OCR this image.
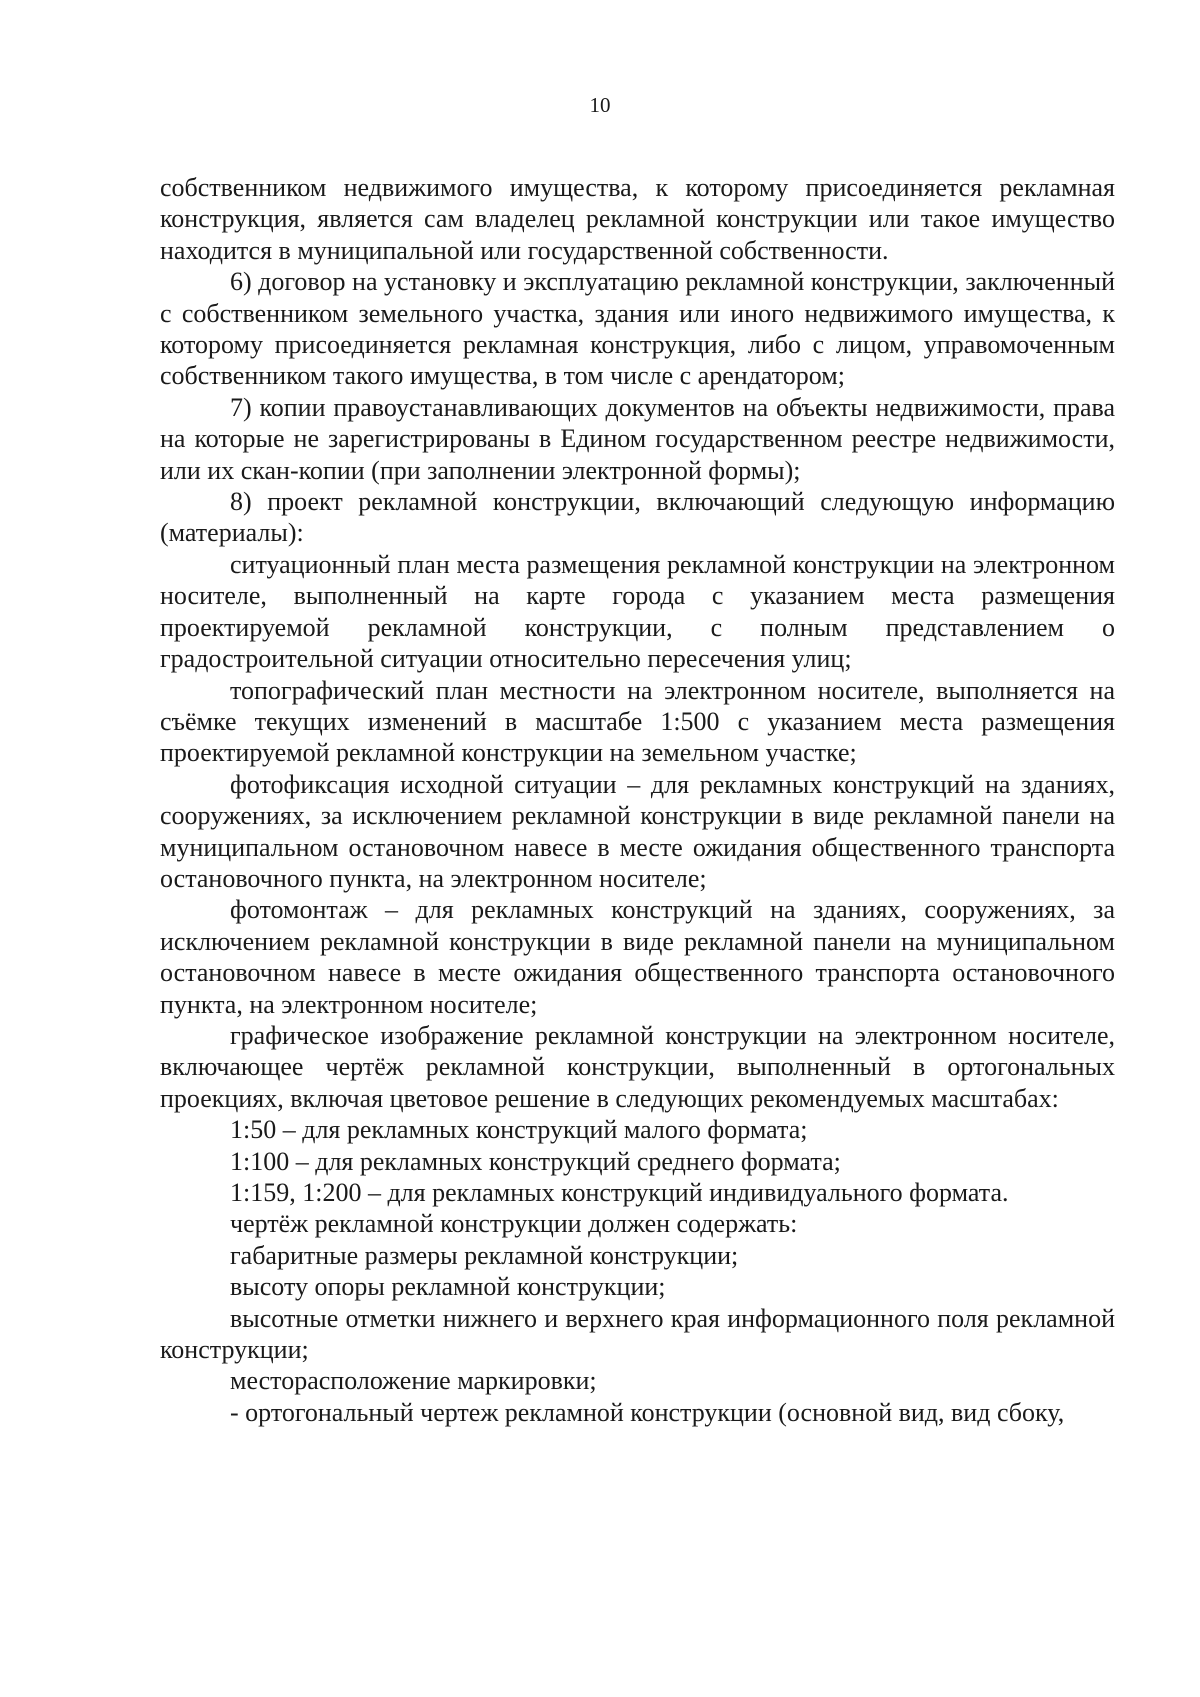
10

собственником недвижимого имущества, к которому присоединяется рекламная конструкция, является сам владелец рекламной конструкции или такое имущество находится в муниципальной или государственной собственности.

6) договор на установку и эксплуатацию рекламной конструкции, заключенный с собственником земельного участка, здания или иного недвижимого имущества, к которому присоединяется рекламная конструкция, либо с лицом, управомоченным собственником такого имущества, в том числе с арендатором;

7) копии правоустанавливающих документов на объекты недвижимости, права на которые не зарегистрированы в Едином государственном реестре недвижимости, или их скан-копии (при заполнении электронной формы);

8) проект рекламной конструкции, включающий следующую информацию (материалы):

ситуационный план места размещения рекламной конструкции на электронном носителе, выполненный на карте города с указанием места размещения проектируемой рекламной конструкции, с полным представлением о градостроительной ситуации относительно пересечения улиц;

топографический план местности на электронном носителе, выполняется на съёмке текущих изменений в масштабе 1:500 с указанием места размещения проектируемой рекламной конструкции на земельном участке;

фотофиксация исходной ситуации – для рекламных конструкций на зданиях, сооружениях, за исключением рекламной конструкции в виде рекламной панели на муниципальном остановочном навесе в месте ожидания общественного транспорта остановочного пункта, на электронном носителе;

фотомонтаж – для рекламных конструкций на зданиях, сооружениях, за исключением рекламной конструкции в виде рекламной панели на муниципальном остановочном навесе в месте ожидания общественного транспорта остановочного пункта, на электронном носителе;

графическое изображение рекламной конструкции на электронном носителе, включающее чертёж рекламной конструкции, выполненный в ортогональных проекциях, включая цветовое решение в следующих рекомендуемых масштабах:

1:50 – для рекламных конструкций малого формата;

1:100 – для рекламных конструкций среднего формата;

1:159, 1:200 – для рекламных конструкций индивидуального формата.

чертёж рекламной конструкции должен содержать:

габаритные размеры рекламной конструкции;

высоту опоры рекламной конструкции;

высотные отметки нижнего и верхнего края информационного поля рекламной конструкции;

месторасположение маркировки;

- ортогональный чертеж рекламной конструкции (основной вид, вид сбоку,
